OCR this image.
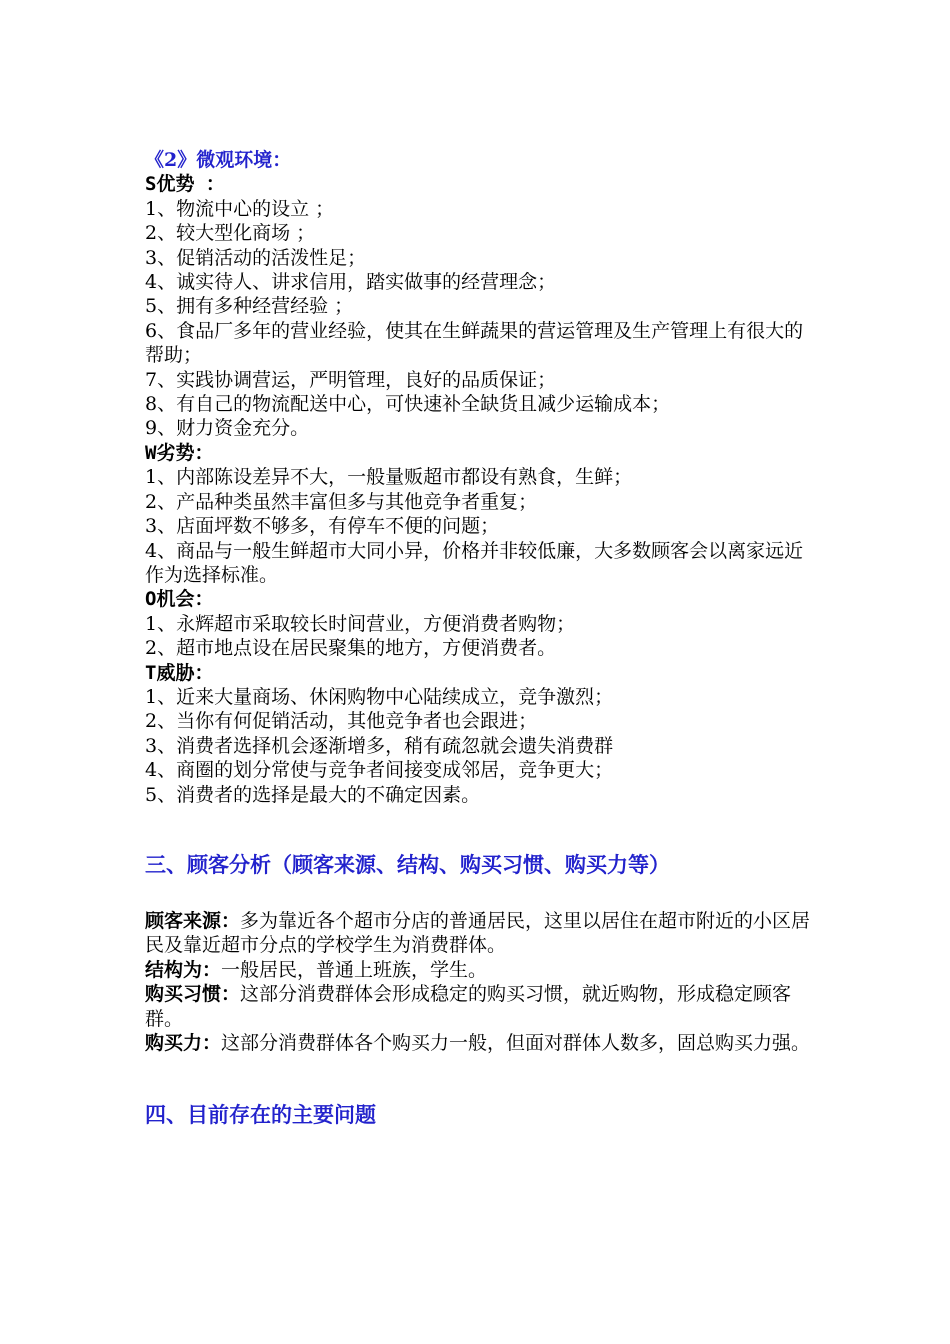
《2》微观环境：
S优势 ：
1、物流中心的设立 ；
2、较大型化商场 ；
3、促销活动的活泼性足；
4、诚实待人、讲求信用，踏实做事的经营理念；
5、拥有多种经营经验 ；
6、食品厂多年的营业经验，使其在生鲜蔬果的营运管理及生产管理上有很大的帮助；
7、实践协调营运，严明管理，良好的品质保证；
8、有自己的物流配送中心，可快速补全缺货且减少运输成本；
9、财力资金充分。
W劣势：
1、内部陈设差异不大，一般量贩超市都设有熟食，生鲜；
2、产品种类虽然丰富但多与其他竞争者重复；
3、店面坪数不够多，有停车不便的问题；
4、商品与一般生鲜超市大同小异，价格并非较低廉，大多数顾客会以离家远近作为选择标准。
O机会：
1、永辉超市采取较长时间营业，方便消费者购物；
2、超市地点设在居民聚集的地方，方便消费者。
T威胁：
1、近来大量商场、休闲购物中心陆续成立，竞争激烈；
2、当你有何促销活动，其他竞争者也会跟进；
3、消费者选择机会逐渐增多，稍有疏忽就会遗失消费群
4、商圈的划分常使与竞争者间接变成邻居，竞争更大；
5、消费者的选择是最大的不确定因素。
三、顾客分析（顾客来源、结构、购买习惯、购买力等）
顾客来源：多为靠近各个超市分店的普通居民，这里以居住在超市附近的小区居民及靠近超市分点的学校学生为消费群体。
结构为：一般居民，普通上班族，学生。
购买习惯：这部分消费群体会形成稳定的购买习惯，就近购物，形成稳定顾客群。
购买力：这部分消费群体各个购买力一般，但面对群体人数多，固总购买力强。
四、目前存在的主要问题
